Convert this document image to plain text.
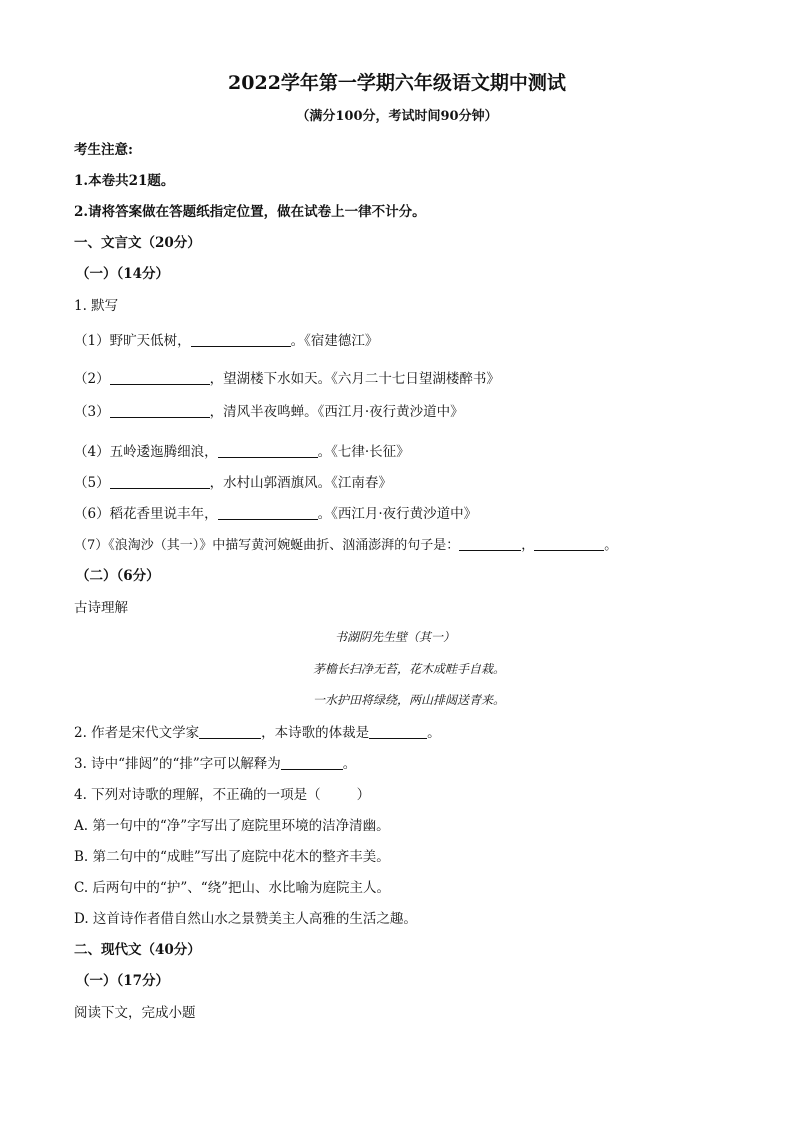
2022学年第一学期六年级语文期中测试
（满分100分，考试时间90分钟）
考生注意:
1.本卷共21题。
2.请将答案做在答题纸指定位置，做在试卷上一律不计分。
一、文言文（20分）
（一）（14分）
1. 默写
（1）野旷天低树，	。《宿建德江》
（2）	，望湖楼下水如天。《六月二十七日望湖楼醉书》
（3）	，清风半夜鸣蝉。《西江月·夜行黄沙道中》
（4）五岭逶迤腾细浪，	。《七律·长征》
（5）	，水村山郭酒旗风。《江南春》
（6）稻花香里说丰年，	。《西江月·夜行黄沙道中》
（7）《浪淘沙（其一）》中描写黄河婉蜒曲折、汹涌澎湃的句子是：	，	。
（二）（6分）
古诗理解
书湖阴先生壁（其一）
茅檐长扫净无苔，花木成畦手自栽。
一水护田将绿绕，两山排闼送青来。
2. 作者是宋代文学家	，本诗歌的体裁是	。
3. 诗中“排闼”的“排”字可以解释为	。
4. 下列对诗歌的理解，不正确的一项是（	）
A. 第一句中的“净”字写出了庭院里环境的洁净清幽。
B. 第二句中的“成畦”写出了庭院中花木的整齐丰美。
C. 后两句中的“护”、“绕”把山、水比喻为庭院主人。
D. 这首诗作者借自然山水之景赞美主人高雅的生活之趣。
二、现代文（40分）
（一）（17分）
阅读下文，完成小题
